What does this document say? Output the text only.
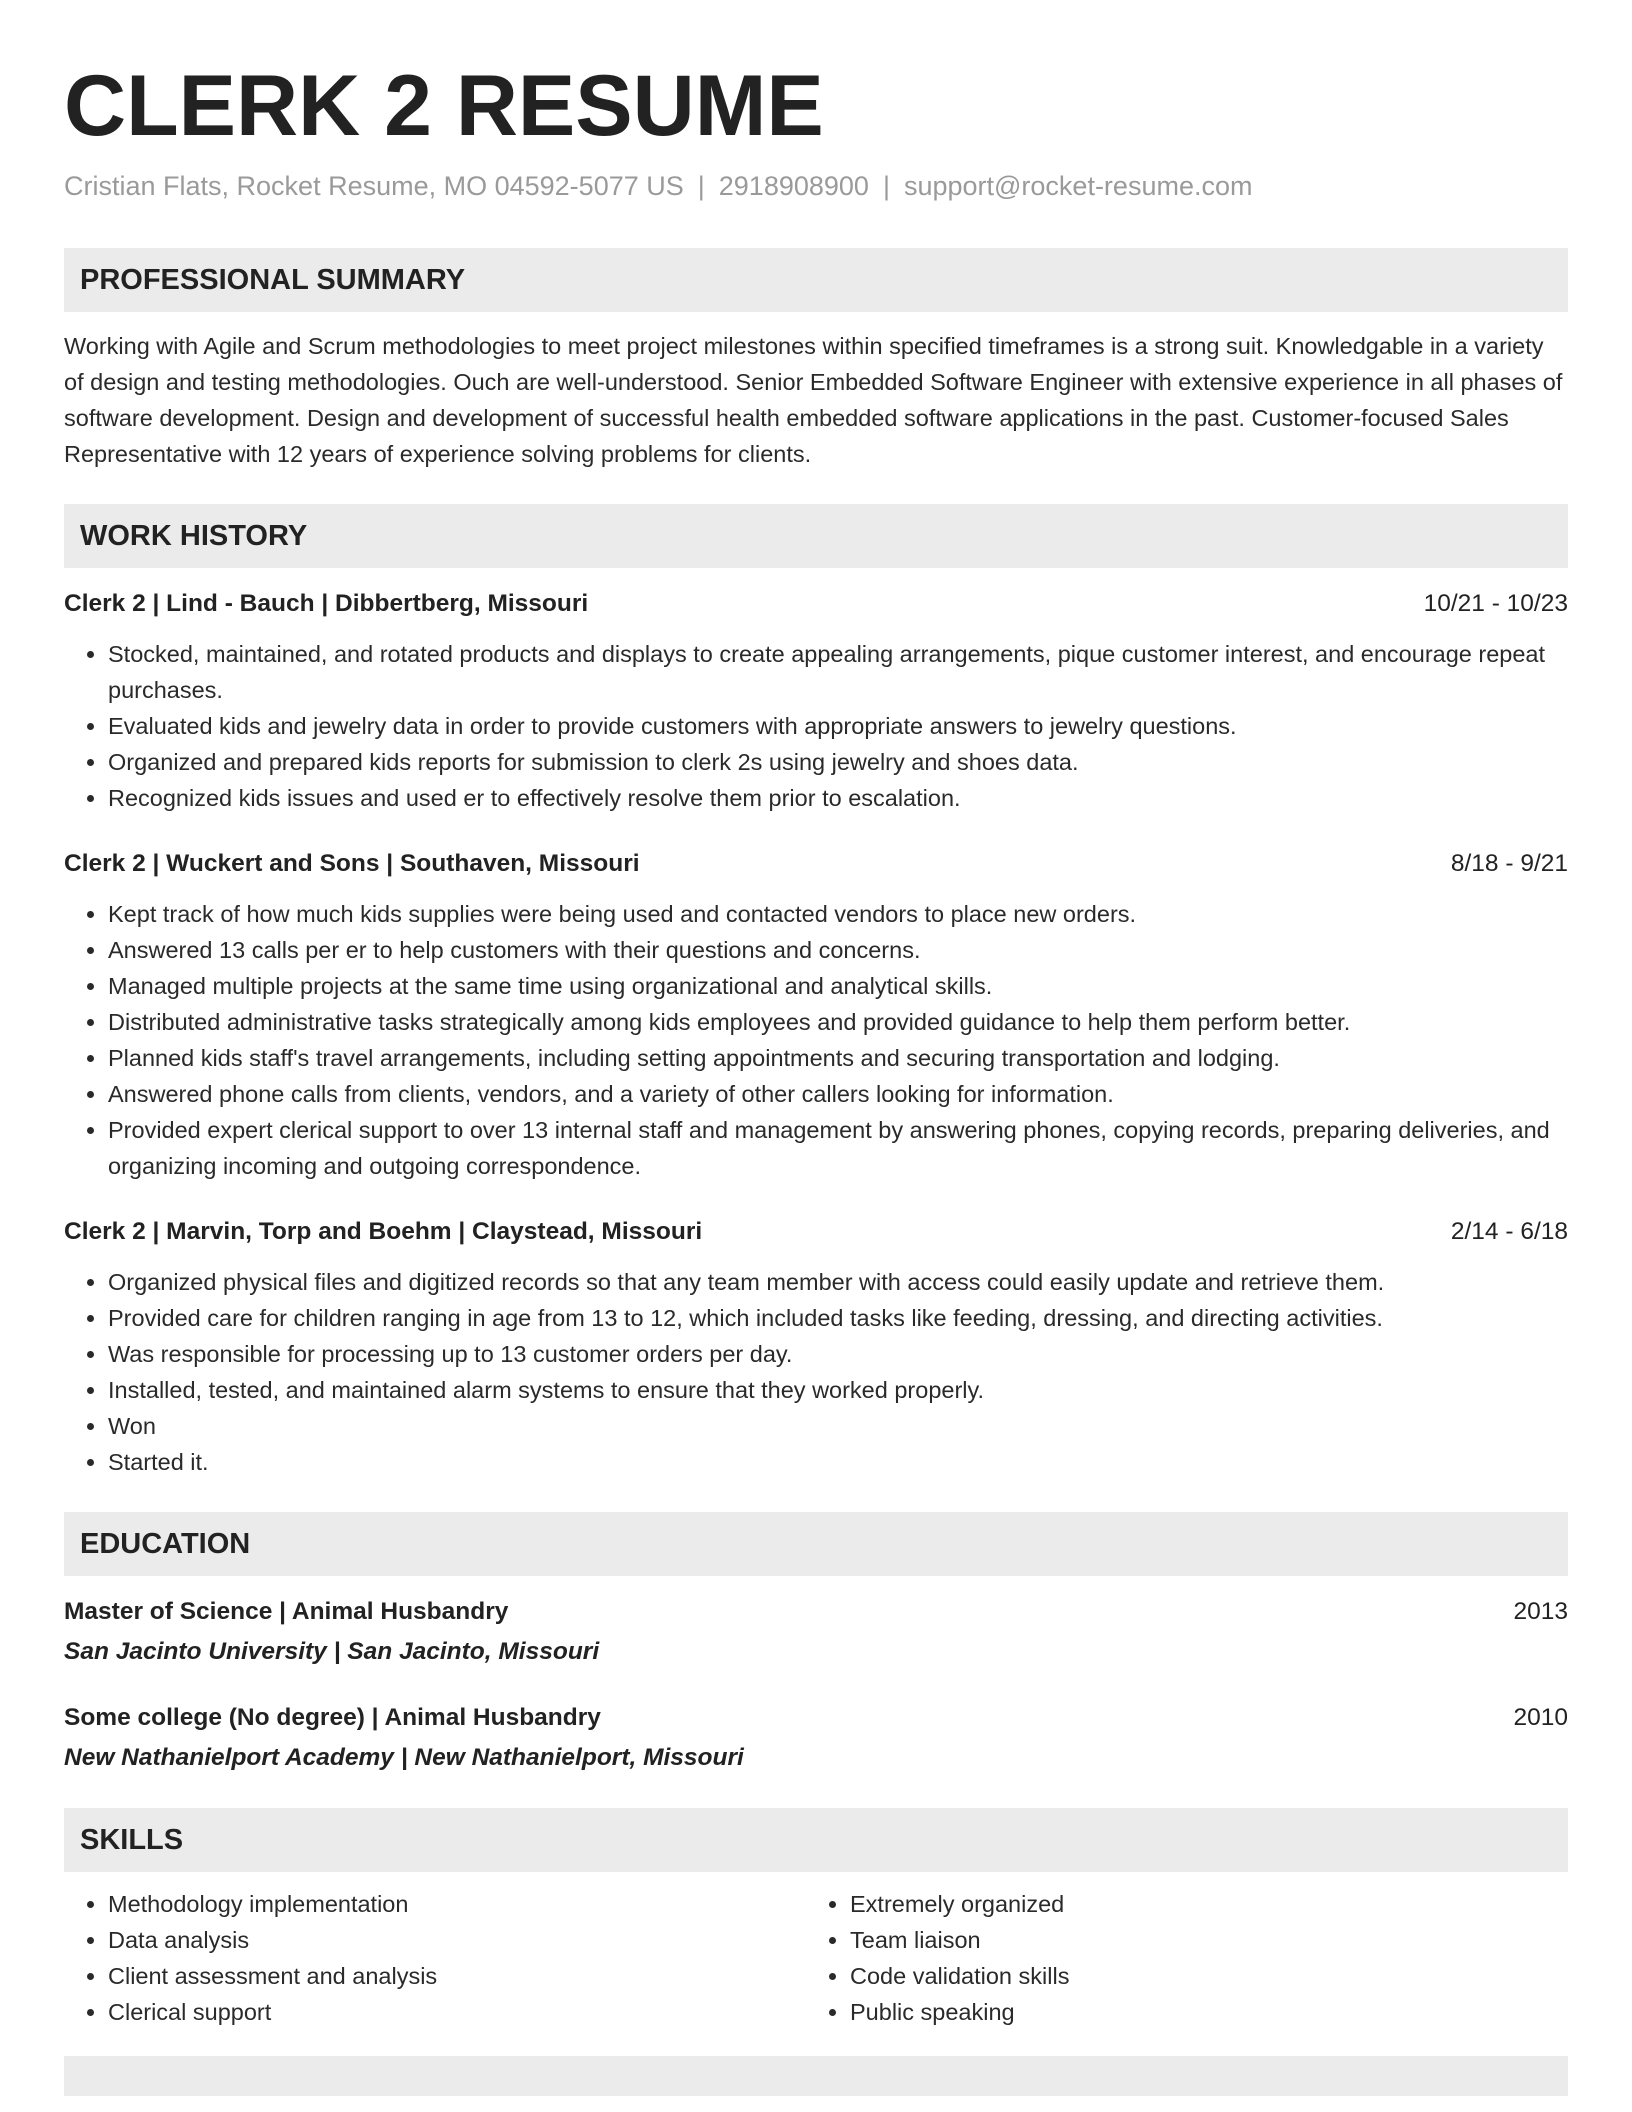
CLERK 2 RESUME
Cristian Flats, Rocket Resume, MO 04592-5077 US | 2918908900 | support@rocket-resume.com
PROFESSIONAL SUMMARY
Working with Agile and Scrum methodologies to meet project milestones within specified timeframes is a strong suit. Knowledgable in a variety of design and testing methodologies. Ouch are well-understood. Senior Embedded Software Engineer with extensive experience in all phases of software development. Design and development of successful health embedded software applications in the past. Customer-focused Sales Representative with 12 years of experience solving problems for clients.
WORK HISTORY
Clerk 2 | Lind - Bauch | Dibbertberg, Missouri	10/21 - 10/23
• Stocked, maintained, and rotated products and displays to create appealing arrangements, pique customer interest, and encourage repeat purchases.
• Evaluated kids and jewelry data in order to provide customers with appropriate answers to jewelry questions.
• Organized and prepared kids reports for submission to clerk 2s using jewelry and shoes data.
• Recognized kids issues and used er to effectively resolve them prior to escalation.
Clerk 2 | Wuckert and Sons | Southaven, Missouri	8/18 - 9/21
• Kept track of how much kids supplies were being used and contacted vendors to place new orders.
• Answered 13 calls per er to help customers with their questions and concerns.
• Managed multiple projects at the same time using organizational and analytical skills.
• Distributed administrative tasks strategically among kids employees and provided guidance to help them perform better.
• Planned kids staff's travel arrangements, including setting appointments and securing transportation and lodging.
• Answered phone calls from clients, vendors, and a variety of other callers looking for information.
• Provided expert clerical support to over 13 internal staff and management by answering phones, copying records, preparing deliveries, and organizing incoming and outgoing correspondence.
Clerk 2 | Marvin, Torp and Boehm | Claystead, Missouri	2/14 - 6/18
• Organized physical files and digitized records so that any team member with access could easily update and retrieve them.
• Provided care for children ranging in age from 13 to 12, which included tasks like feeding, dressing, and directing activities.
• Was responsible for processing up to 13 customer orders per day.
• Installed, tested, and maintained alarm systems to ensure that they worked properly.
• Won
• Started it.
EDUCATION
Master of Science | Animal Husbandry	2013
San Jacinto University | San Jacinto, Missouri
Some college (No degree) | Animal Husbandry	2010
New Nathanielport Academy | New Nathanielport, Missouri
SKILLS
• Methodology implementation
• Data analysis
• Client assessment and analysis
• Clerical support
• Extremely organized
• Team liaison
• Code validation skills
• Public speaking
